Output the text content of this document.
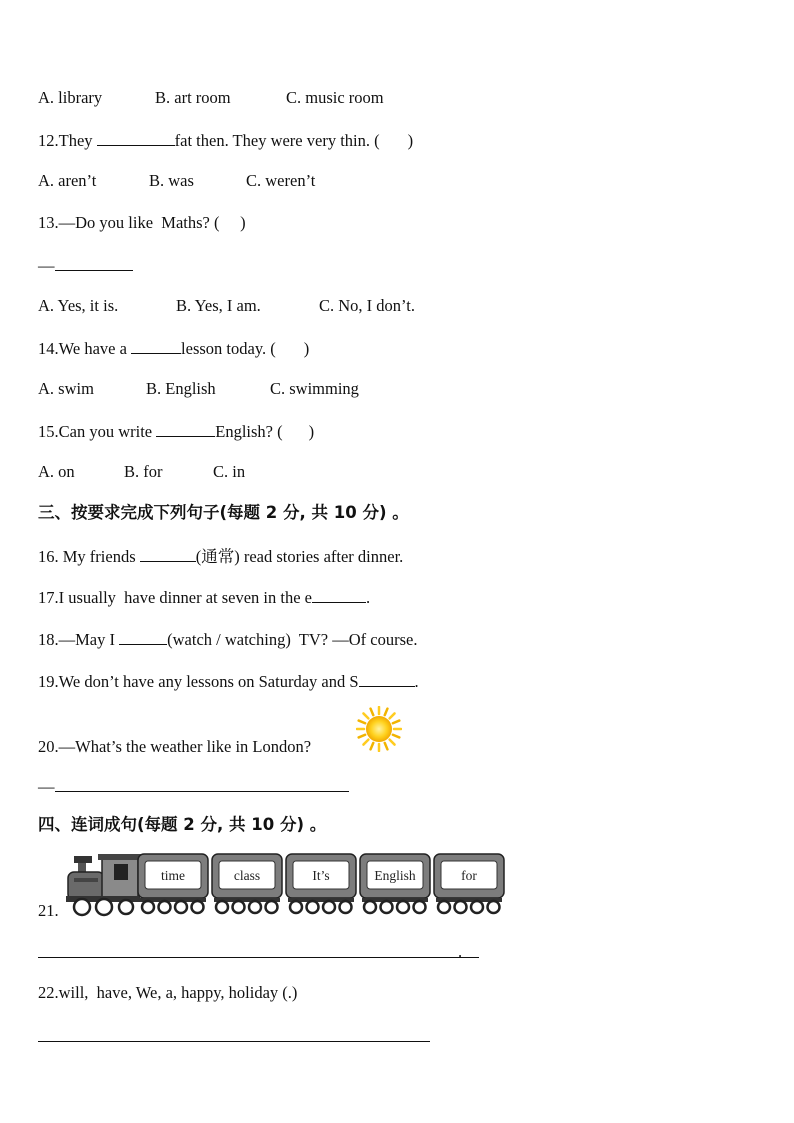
A. library	B. art room	C. music room
12.They	fat then. They were very thin. ( )
A. aren’t	B. was	C. weren’t
13.—Do you like  Maths? (     )
—
A. Yes, it is.	B. Yes, I am.	C. No, I don’t.
14.We have a	lesson today. ( )
A. swim	B. English	C. swimming
15.Can you write	English? ( )
A. on	B. for	C. in
三、按要求完成下列句子(每题 2 分, 共 10 分) 。
16. My friends	(通常) read stories after dinner.
17.I usually  have dinner at seven in the e	.
18.—May I	(watch / watching)  TV? —Of course.
19.We don’t have any lessons on Saturday and S	.
20.—What’s the weather like in London?
—
四、连词成句(每题 2 分, 共 10 分) 。
21.
time	class	It’s	English	for
.
22.will,  have, We, a, happy, holiday (.)
